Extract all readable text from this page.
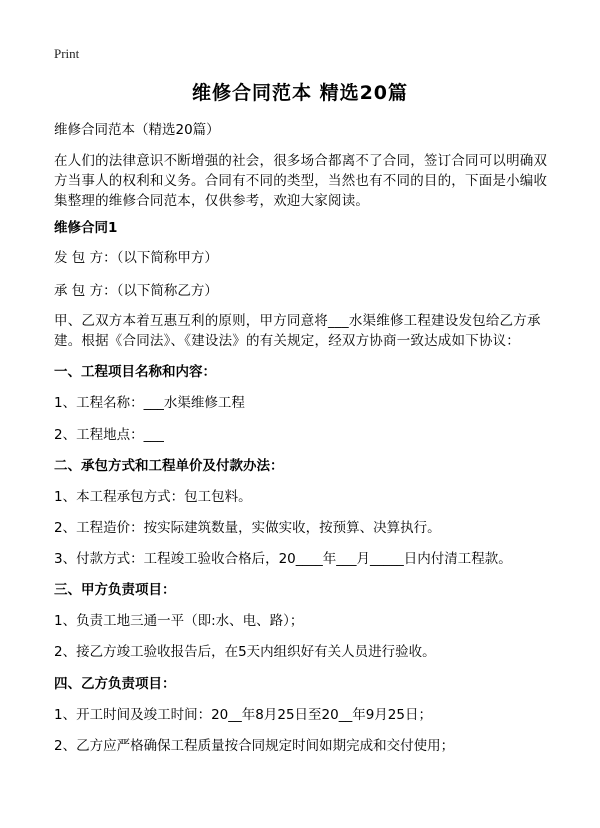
Print
维修合同范本 精选20篇
维修合同范本（精选20篇）
在人们的法律意识不断增强的社会，很多场合都离不了合同，签订合同可以明确双方当事人的权利和义务。合同有不同的类型，当然也有不同的目的，下面是小编收集整理的维修合同范本，仅供参考，欢迎大家阅读。
维修合同1
发 包 方：（以下简称甲方）
承 包 方：（以下简称乙方）
甲、乙双方本着互惠互利的原则，甲方同意将___水渠维修工程建设发包给乙方承建。根据《合同法》、《建设法》的有关规定，经双方协商一致达成如下协议：
一、工程项目名称和内容：
1、工程名称：___水渠维修工程
2、工程地点：___
二、承包方式和工程单价及付款办法：
1、本工程承包方式：包工包料。
2、工程造价：按实际建筑数量，实做实收，按预算、决算执行。
3、付款方式：工程竣工验收合格后，20____年___月_____日内付清工程款。
三、甲方负责项目：
1、负责工地三通一平（即:水、电、路）；
2、接乙方竣工验收报告后，在5天内组织好有关人员进行验收。
四、乙方负责项目：
1、开工时间及竣工时间：20__年8月25日至20__年9月25日；
2、乙方应严格确保工程质量按合同规定时间如期完成和交付使用；
